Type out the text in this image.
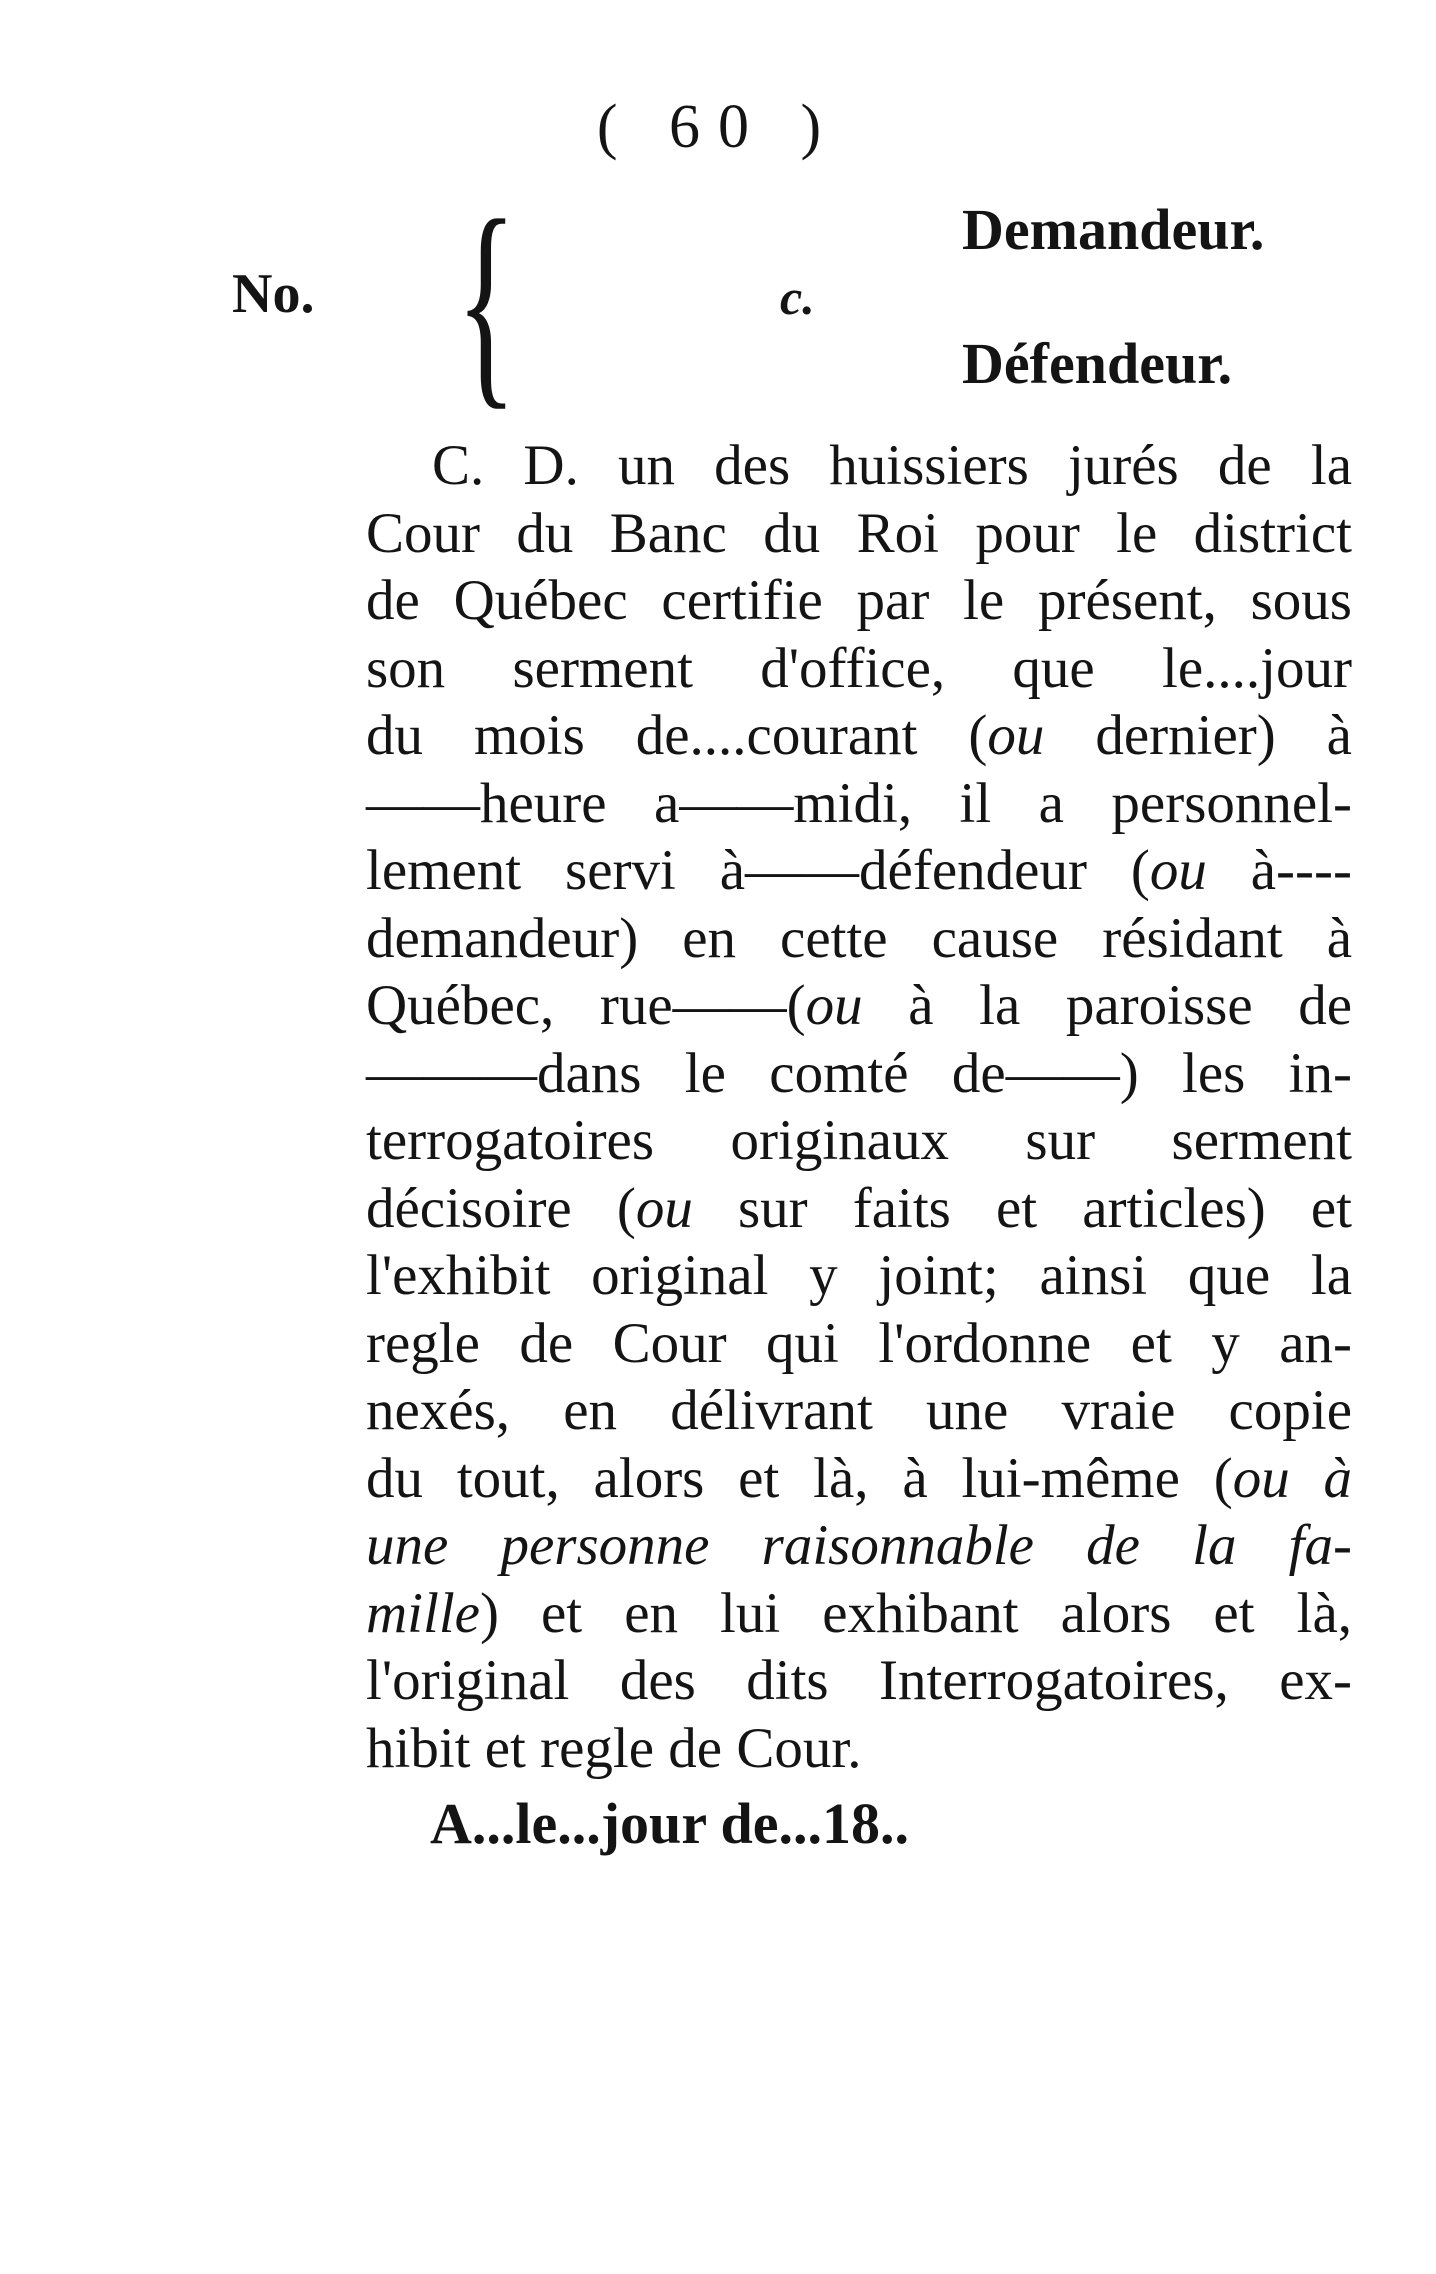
( 60 )
No. {	c.
Demandeur.
Défendeur.
C. D. un des huissiers jurés de la
Cour du Banc du Roi pour le district
de Québec certifie par le présent, sous
son serment d'office, que le....jour
du mois de....courant (ou dernier) à
——heure a——midi, il a personnel-
lement servi à——défendeur (ou à----
demandeur) en cette cause résidant à
Québec, rue——(ou à la paroisse de
———dans le comté de——) les in-
terrogatoires originaux sur serment
décisoire (ou sur faits et articles) et
l'exhibit original y joint; ainsi que la
regle de Cour qui l'ordonne et y an-
nexés, en délivrant une vraie copie
du tout, alors et là, à lui-même (ou à
une personne raisonnable de la fa-
mille) et en lui exhibant alors et là,
l'original des dits Interrogatoires, ex-
hibit et regle de Cour.
A...le...jour de...18..
